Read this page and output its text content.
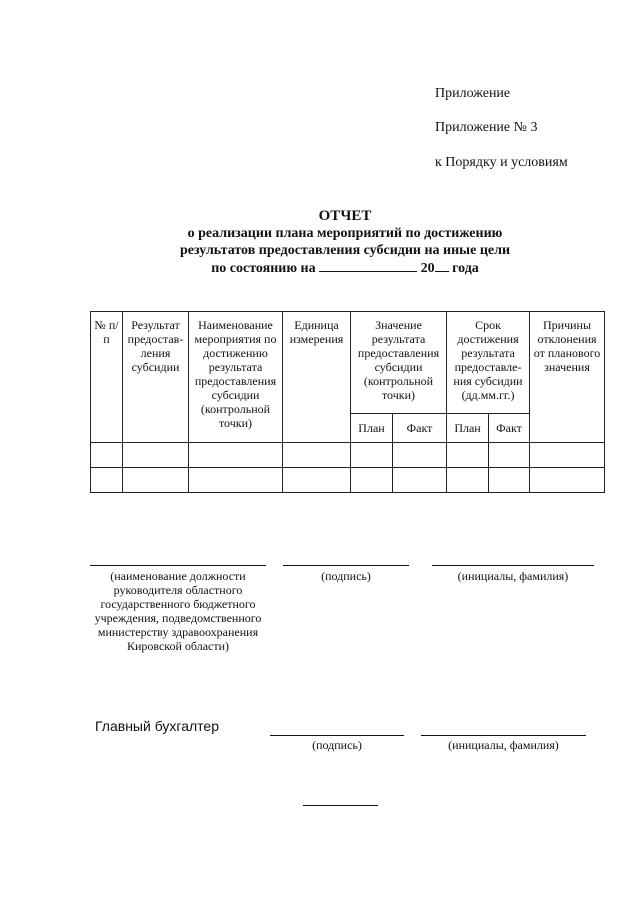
Приложение
Приложение № 3
к Порядку и условиям
ОТЧЕТ
о реализации плана мероприятий по достижению
результатов предоставления субсидии на иные цели
по состоянию на	20 года
№ п/п	Результат предостав-ления субсидии	Наименование мероприятия по достижению результата предоставления субсидии (контрольной точки)	Единица измерения	Значение результата предоставления субсидии (контрольной точки)		Срок достижения результата предоставле-ния субсидии (дд.мм.гг.)		Причины отклонения от планового значения
				План	Факт	План	Факт	

(наименование должности руководителя областного государственного бюджетного учреждения, подведомственного министерству здравоохранения Кировской области)
(подпись)	(инициалы, фамилия)
Главный бухгалтер
(подпись)	(инициалы, фамилия)
